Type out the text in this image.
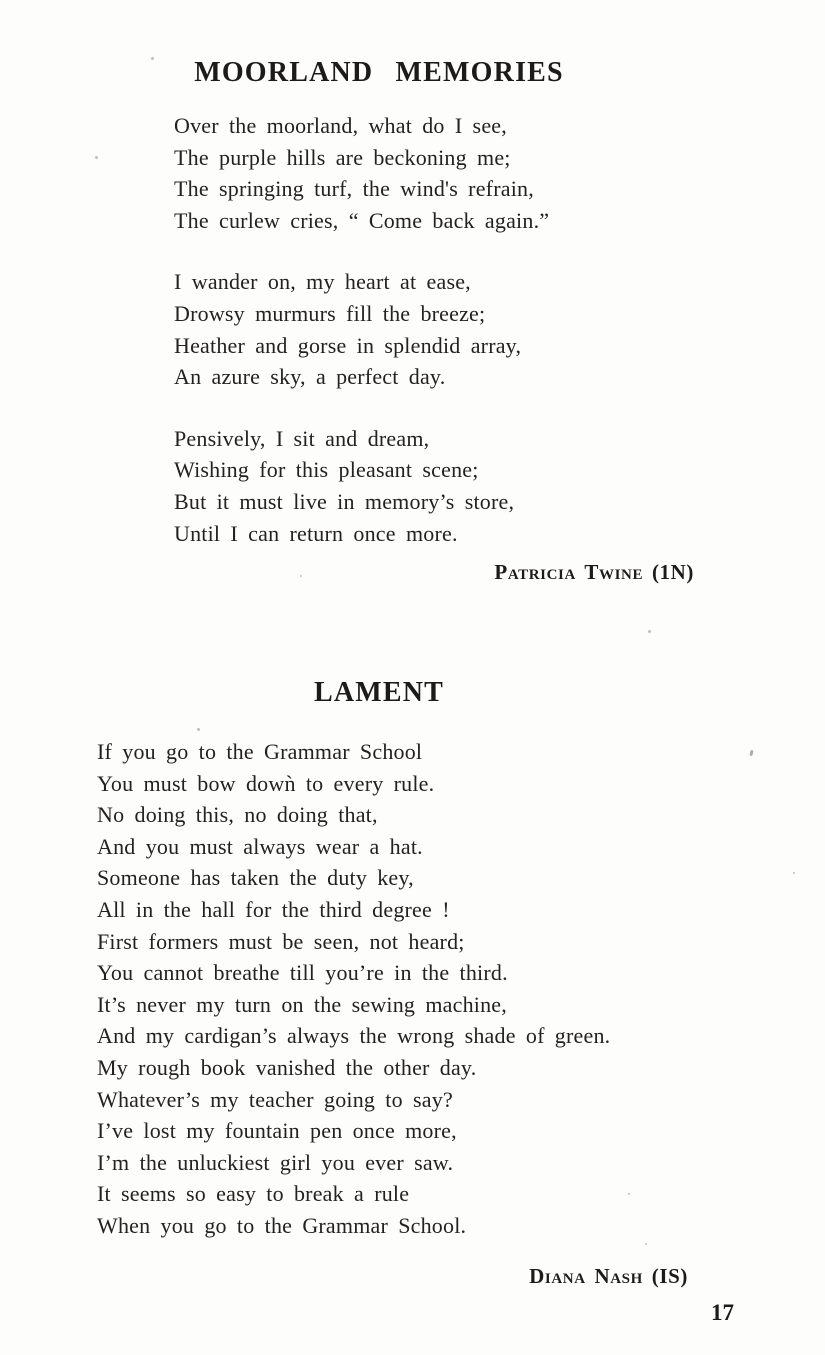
MOORLAND MEMORIES
Over the moorland, what do I see,
The purple hills are beckoning me;
The springing turf, the wind's refrain,
The curlew cries, “ Come back again.”
I wander on, my heart at ease,
Drowsy murmurs fill the breeze;
Heather and gorse in splendid array,
An azure sky, a perfect day.
Pensively, I sit and dream,
Wishing for this pleasant scene;
But it must live in memory’s store,
Until I can return once more.
Patricia Twine (1N)
LAMENT
If you go to the Grammar School
You must bow dowǹ to every rule.
No doing this, no doing that,
And you must always wear a hat.
Someone has taken the duty key,
All in the hall for the third degree !
First formers must be seen, not heard;
You cannot breathe till you’re in the third.
It’s never my turn on the sewing machine,
And my cardigan’s always the wrong shade of green.
My rough book vanished the other day.
Whatever’s my teacher going to say?
I’ve lost my fountain pen once more,
I’m the unluckiest girl you ever saw.
It seems so easy to break a rule
When you go to the Grammar School.
Diana Nash (IS)
17
